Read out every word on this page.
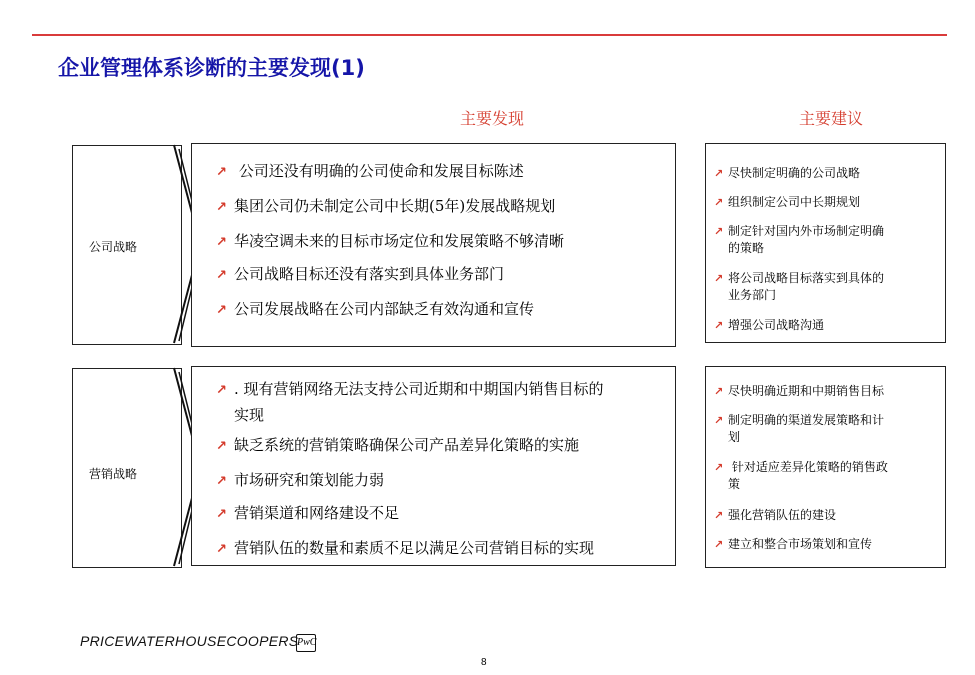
企业管理体系诊断的主要发现(1)
主要发现	主要建议
公司战略
↗ 公司还没有明确的公司使命和发展目标陈述
↗ 集团公司仍未制定公司中长期(5年)发展战略规划
↗ 华凌空调未来的目标市场定位和发展策略不够清晰
↗ 公司战略目标还没有落实到具体业务部门
↗ 公司发展战略在公司内部缺乏有效沟通和宣传
↗ 尽快制定明确的公司战略
↗ 组织制定公司中长期规划
↗ 制定针对国内外市场制定明确
的策略
↗ 将公司战略目标落实到具体的
业务部门
↗ 增强公司战略沟通
营销战略
↗ . 现有营销网络无法支持公司近期和中期国内销售目标的
实现
↗ 缺乏系统的营销策略确保公司产品差异化策略的实施
↗ 市场研究和策划能力弱
↗ 营销渠道和网络建设不足
↗ 营销队伍的数量和素质不足以满足公司营销目标的实现
↗ 尽快明确近期和中期销售目标
↗ 制定明确的渠道发展策略和计
划
↗ 针对适应差异化策略的销售政
策
↗ 强化营销队伍的建设
↗ 建立和整合市场策划和宣传
PRICEWATERHOUSECOOPERS
PwC
8
